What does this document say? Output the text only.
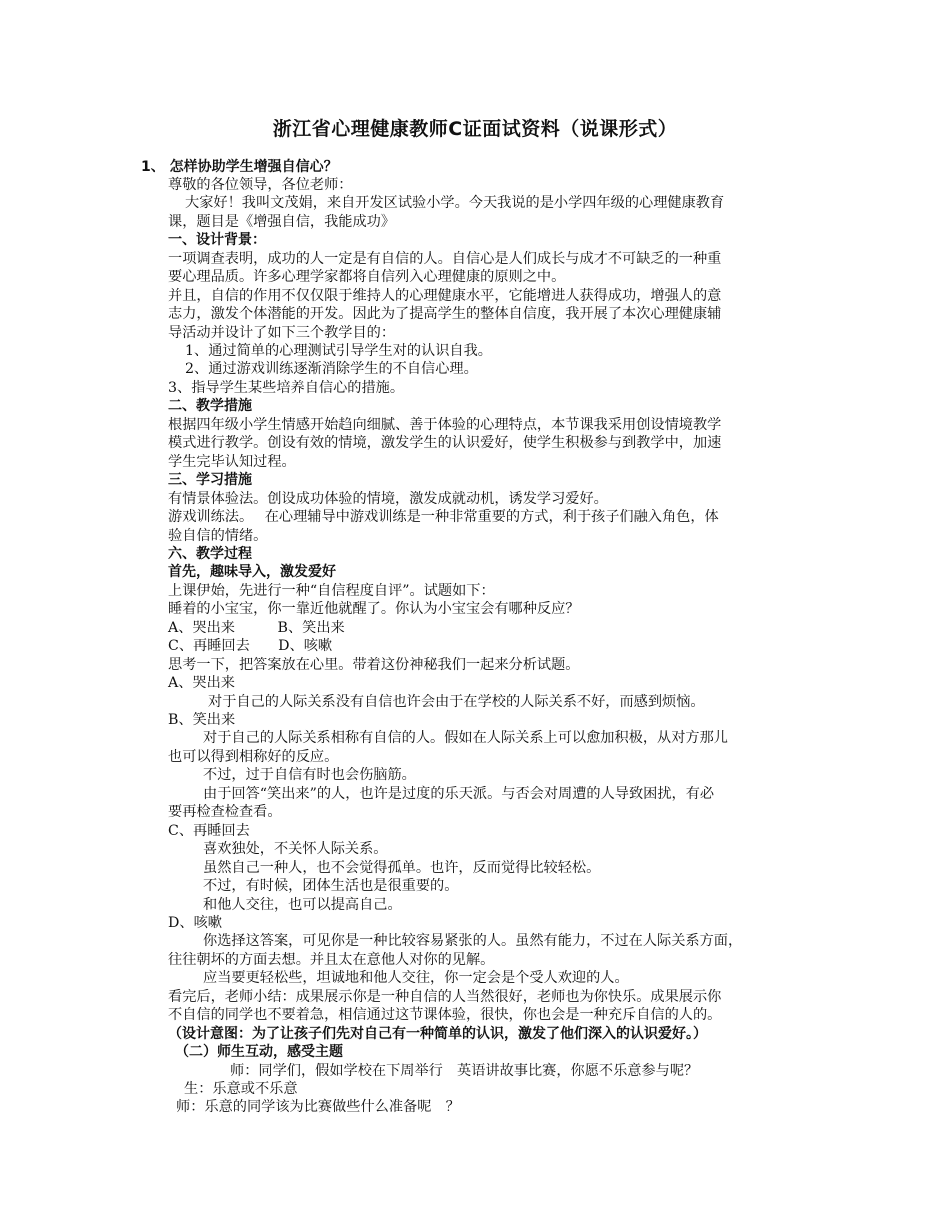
浙江省心理健康教师C证面试资料（说课形式）
1、 怎样协助学生增强自信心？
尊敬的各位领导，各位老师：
大家好！我叫文茂娟，来自开发区试验小学。今天我说的是小学四年级的心理健康教育
课，题目是《增强自信，我能成功》
一、设计背景：
一项调查表明，成功的人一定是有自信的人。自信心是人们成长与成才不可缺乏的一种重
要心理品质。许多心理学家都将自信列入心理健康的原则之中。
并且，自信的作用不仅仅限于维持人的心理健康水平，它能增进人获得成功，增强人的意
志力，激发个体潜能的开发。因此为了提高学生的整体自信度，我开展了本次心理健康辅
导活动并设计了如下三个教学目的：
1、通过简单的心理测试引导学生对的认识自我。
2、通过游戏训练逐渐消除学生的不自信心理。
3、指导学生某些培养自信心的措施。
二、教学措施
根据四年级小学生情感开始趋向细腻、善于体验的心理特点，本节课我采用创设情境教学
模式进行教学。创设有效的情境，激发学生的认识爱好，使学生积极参与到教学中，加速
学生完毕认知过程。
三、学习措施
有情景体验法。创设成功体验的情境，激发成就动机，诱发学习爱好。
游戏训练法。　 在心理辅导中游戏训练是一种非常重要的方式，利于孩子们融入角色，体
验自信的情绪。
六、教学过程
首先，趣味导入，激发爱好
上课伊始，先进行一种“自信程度自评”。试题如下：
睡着的小宝宝，你一靠近他就醒了。你认为小宝宝会有哪种反应？
A、哭出来　　　B、笑出来
C、再睡回去　　D、咳嗽
思考一下，把答案放在心里。带着这份神秘我们一起来分析试题。
A、哭出来
对于自己的人际关系没有自信也许会由于在学校的人际关系不好，而感到烦恼。
B、笑出来
对于自己的人际关系相称有自信的人。假如在人际关系上可以愈加积极，从对方那儿
也可以得到相称好的反应。
不过，过于自信有时也会伤脑筋。
由于回答“笑出来”的人，也许是过度的乐天派。与否会对周遭的人导致困扰，有必
要再检查检查看。
C、再睡回去
喜欢独处，不关怀人际关系。
虽然自己一种人，也不会觉得孤单。也许，反而觉得比较轻松。
不过，有时候，团体生活也是很重要的。
和他人交往，也可以提高自己。
D、咳嗽
你选择这答案，可见你是一种比较容易紧张的人。虽然有能力，不过在人际关系方面，
往往朝坏的方面去想。并且太在意他人对你的见解。
应当要更轻松些，坦诚地和他人交往，你一定会是个受人欢迎的人。
看完后，老师小结：成果展示你是一种自信的人当然很好，老师也为你快乐。成果展示你
不自信的同学也不要着急，相信通过这节课体验，很快，你也会是一种充斥自信的人的。
（设计意图：为了让孩子们先对自己有一种简单的认识，激发了他们深入的认识爱好。）
（二）师生互动，感受主题
师：同学们，假如学校在下周举行　英语讲故事比赛，你愿不乐意参与呢？
生：乐意或不乐意
师：乐意的同学该为比赛做些什么准备呢　？
